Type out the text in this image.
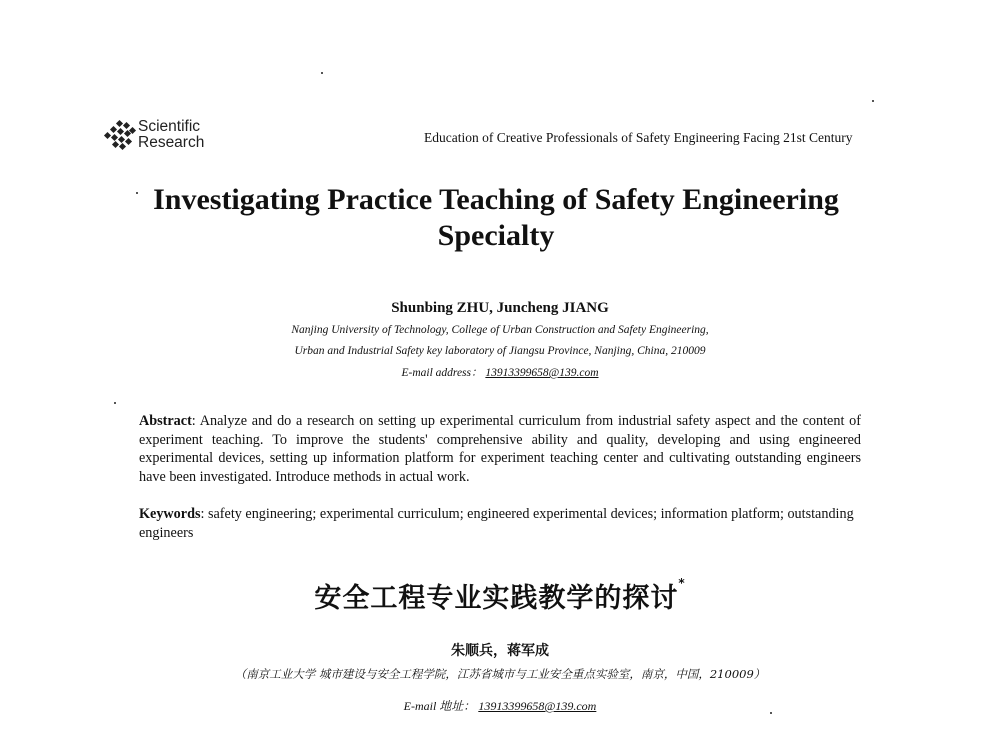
Scientific
Research	Education of Creative Professionals of Safety Engineering Facing 21st Century
Investigating Practice Teaching of Safety Engineering Specialty
Shunbing ZHU, Juncheng JIANG
Nanjing University of Technology, College of Urban Construction and Safety Engineering,
Urban and Industrial Safety key laboratory of Jiangsu Province, Nanjing, China, 210009
E-mail address： 13913399658@139.com

Abstract: Analyze and do a research on setting up experimental curriculum from industrial safety aspect and the content of experiment teaching. To improve the students' comprehensive ability and quality, developing and using engineered experimental devices, setting up information platform for experiment teaching center and cultivating outstanding engineers have been investigated. Introduce methods in actual work.

Keywords: safety engineering; experimental curriculum; engineered experimental devices; information platform; outstanding engineers

安全工程专业实践教学的探讨*
朱顺兵，蒋军成
（南京工业大学 城市建设与安全工程学院，江苏省城市与工业安全重点实验室，南京，中国，210009）
E-mail 地址： 13913399658@139.com
